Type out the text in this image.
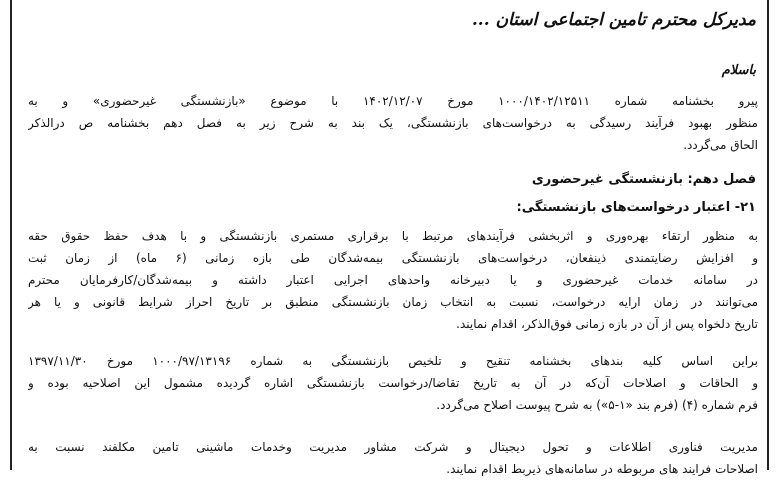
مدیرکل محترم تامین اجتماعی استان ...
باسلام
پیرو بخشنامه شماره ۱۰۰۰/۱۴۰۲/۱۲۵۱۱ مورخ ۱۴۰۲/۱۲/۰۷ با موضوع «بازنشستگی غیرحضوری» و به
منظور بهبود فرآیند رسیدگی به درخواست‌های بازنشستگی، یک بند به شرح زیر به فصل دهم بخشنامه ص درالذکر
الحاق می‌گردد.
فصل دهم: بازنشستگی غیرحضوری
۲۱- اعتبار درخواست‌های بازنشستگی:
به منظور ارتقاء بهره‌وری و اثربخشی فرآیندهای مرتبط با برقراری مستمری بازنشستگی و با هدف حفظ حقوق حقه
و افزایش رضایتمندی ذینفعان، درخواست‌های بازنشستگی بیمه‌شدگان طی بازه زمانی (۶ ماه) از زمان ثبت
در سامانه خدمات غیرحضوری و یا دبیرخانه واحدهای اجرایی اعتبار داشته و بیمه‌شدگان/کارفرمایان محترم
می‌توانند در زمان ارایه درخواست، نسبت به انتخاب زمان بازنشستگی منطبق بر تاریخ احراز شرایط قانونی و یا هر
تاریخ دلخواه پس از آن در بازه زمانی فوق‌الذکر، اقدام نمایند.
براین اساس کلیه بندهای بخشنامه تنقیح و تلخیص بازنشستگی به شماره ۱۰۰۰/۹۷/۱۳۱۹۶ مورخ ۱۳۹۷/۱۱/۳۰
و الحاقات و اصلاحات آن‌که در آن به تاریخ تقاضا/درخواست بازنشستگی اشاره گردیده مشمول این اصلاحیه بوده و
فرم شماره (۴) (فرم بند «۱-۵») به شرح پیوست اصلاح می‌گردد.
مدیریت فناوری اطلاعات و تحول دیجیتال و شرکت مشاور مدیریت وخدمات ماشینی تامین مکلفند نسبت به
اصلاحات فرایند های مربوطه در سامانه‌های ذیربط اقدام نمایند.
